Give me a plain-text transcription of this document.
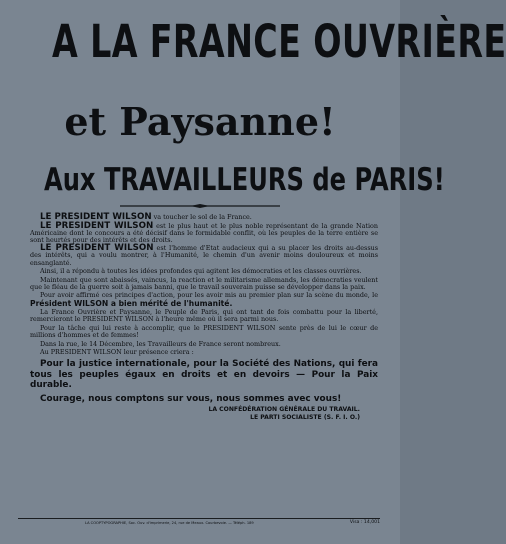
A LA FRANCE OUVRIÈRE
et Paysanne!
Aux TRAVAILLEURS de PARIS!

LE PRESIDENT WILSON va toucher le sol de la France.

LE PRESIDENT WILSON est le plus haut et le plus noble représentant de la grande Nation Américaine dont le concours a été décisif dans le formidable conflit, où les peuples de la terre entière se sont heurtés pour des intérêts et des droits.

LE PRESIDENT WILSON est l'homme d'Etat audacieux qui a su placer les droits au-dessus des intérêts, qui a voulu montrer, à l'Humanité, le chemin d'un avenir moins douloureux et moins ensanglanté.

Ainsi, il a répondu à toutes les idées profondes qui agitent les démocraties et les classes ouvrières.

Maintenant que sont abaissés, vaincus, la reaction et le militarisme allemands, les démocraties veulent que le fléau de la guerre soit à jamais banni, que le travail souverain puisse se développer dans la paix.

Pour avoir affirmé ces principes d'action, pour les avoir mis au premier plan sur la scène du monde, le Président WILSON a bien mérité de l'humanité.

La France Ouvrière et Paysanne, le Peuple de Paris, qui ont tant de fois combattu pour la liberté, remercieront le PRESIDENT WILSON à l'heure même où il sera parmi nous.

Pour la tâche qui lui reste à accomplir, que le PRESIDENT WILSON sente près de lui le cœur de millions d'hommes et de femmes!

Dans la rue, le 14 Décembre, les Travailleurs de France seront nombreux.

Au PRESIDENT WILSON leur présence criera :

Pour la justice internationale, pour la Société des Nations, qui fera tous les peuples égaux en droits et en devoirs — Pour la Paix durable.

Courage, nous comptons sur vous, nous sommes avec vous!

LA CONFÉDÉRATION GÉNÉRALE DU TRAVAIL.

LE PARTI SOCIALISTE (S. F. I. O.)

LA COOPTYPOGRAPHIE, Soc. Ouv. d'imprimerie, 24, rue de Meaux. Courbevoie. — Téléph. 189	Visa : 14,001
